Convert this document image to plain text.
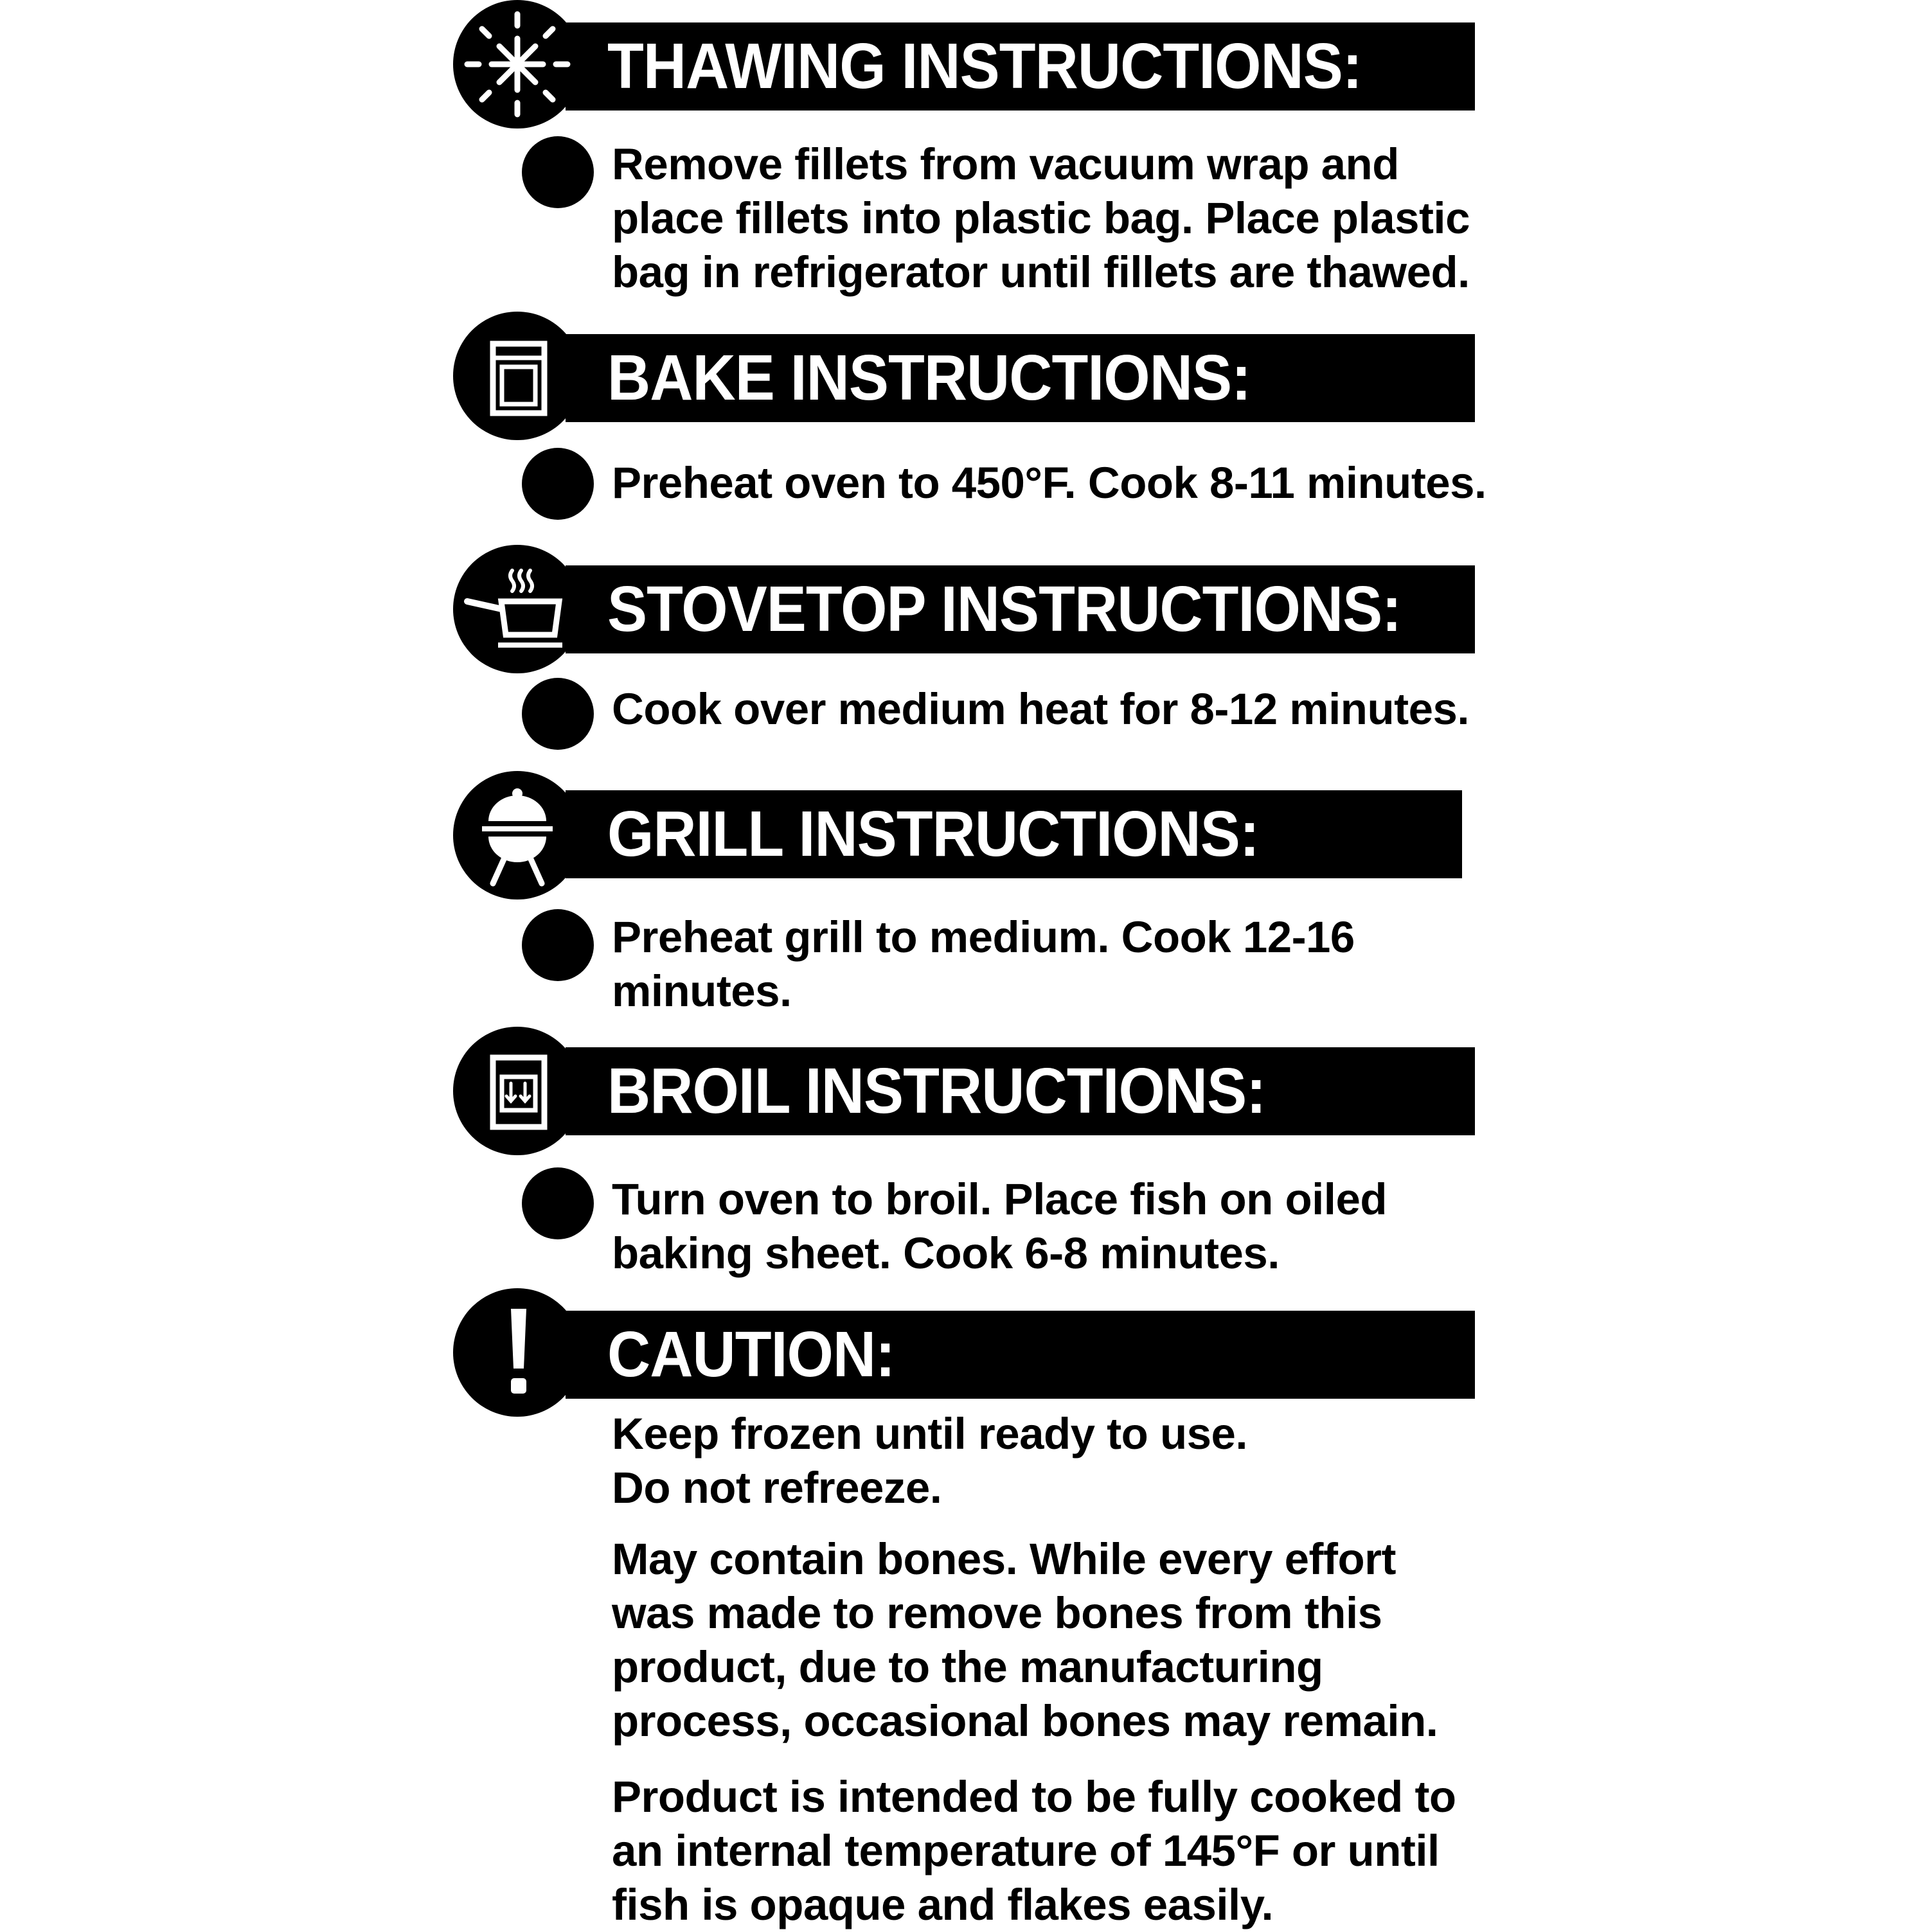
THAWING INSTRUCTIONS:
Remove fillets from vacuum wrap and
place fillets into plastic bag. Place plastic
bag in refrigerator until fillets are thawed.
BAKE INSTRUCTIONS:
Preheat oven to 450°F. Cook 8-11 minutes.
STOVETOP INSTRUCTIONS:
Cook over medium heat for 8-12 minutes.
GRILL INSTRUCTIONS:
Preheat grill to medium. Cook 12-16
minutes.
BROIL INSTRUCTIONS:
Turn oven to broil. Place fish on oiled
baking sheet. Cook 6-8 minutes.
CAUTION:
Keep frozen until ready to use.
Do not refreeze.
May contain bones. While every effort
was made to remove bones from this
product, due to the manufacturing
process, occasional bones may remain.
Product is intended to be fully cooked to
an internal temperature of 145°F or until
fish is opaque and flakes easily.
